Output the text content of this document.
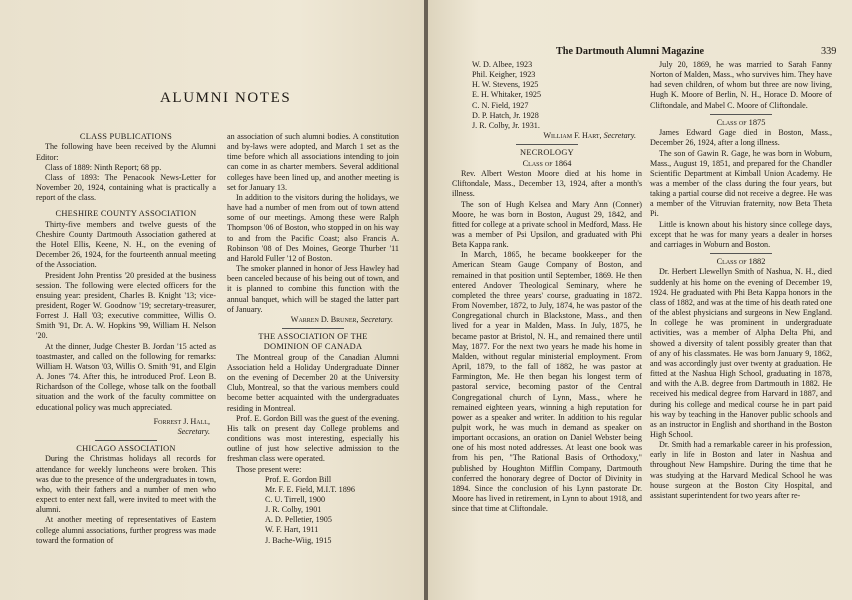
ALUMNI NOTES
CLASS PUBLICATIONS

The following have been received by the Alumni Editor:

Class of 1889: Ninth Report; 68 pp.

Class of 1893: The Penacook News-Letter for November 20, 1924, containing what is practically a report of the class.

CHESHIRE COUNTY ASSOCIATION

Thirty-five members and twelve guests of the Cheshire County Dartmouth Association gathered at the Hotel Ellis, Keene, N. H., on the evening of December 26, 1924, for the fourteenth annual meeting of the Association.

President John Prentiss '20 presided at the business session. The following were elected officers for the ensuing year: president, Charles B. Knight '13; vice-president, Roger W. Goodnow '19; secretary-treasurer, Forrest J. Hall '03; executive committee, Willis O. Smith '91, Dr. A. W. Hopkins '99, William H. Nelson '20.

At the dinner, Judge Chester B. Jordan '15 acted as toastmaster, and called on the following for remarks: William H. Watson '03, Willis O. Smith '91, and Elgin A. Jones '74. After this, he introduced Prof. Leon B. Richardson of the College, whose talk on the football situation and the work of the faculty committee on educational policy was much appreciated.

Forrest J. Hall,

Secretary.

CHICAGO ASSOCIATION

During the Christmas holidays all records for attendance for weekly luncheons were broken. This was due to the presence of the undergraduates in town, who, with their fathers and a number of men who expect to enter next fall, were invited to meet with the alumni.

At another meeting of representatives of Eastern college alumni associations, further progress was made toward the formation of

an association of such alumni bodies. A constitution and by-laws were adopted, and March 1 set as the time before which all associations intending to join can come in as charter members. Several additional colleges have been lined up, and another meeting is set for January 13.

In addition to the visitors during the holidays, we have had a number of men from out of town attend some of our meetings. Among these were Ralph Thompson '06 of Boston, who stopped in on his way to and from the Pacific Coast; also Francis A. Robinson '08 of Des Moines, George Thurber '11 and Harold Fuller '12 of Boston.

The smoker planned in honor of Jess Hawley had been canceled because of his being out of town, and it is planned to combine this function with the annual banquet, which will be staged the latter part of January.

Warren D. Bruner, Secretary.

THE ASSOCIATION OF THE
DOMINION OF CANADA

The Montreal group of the Canadian Alumni Association held a Holiday Undergraduate Dinner on the evening of December 20 at the University Club, Montreal, so that the various members could become better acquainted with the undergraduates residing in Montreal.

Prof. E. Gordon Bill was the guest of the evening. His talk on present day College problems and conditions was most interesting, especially his outline of just how selective admission to the freshman class were operated.

Those present were:

Prof. E. Gordon Bill

Mr. F. E. Field, M.I.T. 1896

C. U. Tirrell, 1900

J. R. Colby, 1901

A. D. Pelletier, 1905

W. F. Hart, 1911

J. Bache-Wiig, 1915

The Dartmouth Alumni Magazine	339

W. D. Albee, 1923

Phil. Keigher, 1923

H. W. Stevens, 1925

E. H. Whitaker, 1925

C. N. Field, 1927

D. P. Hatch, Jr. 1928

J. R. Colby, Jr. 1931.

William F. Hart, Secretary.

NECROLOGY
Class of 1864

Rev. Albert Weston Moore died at his home in Cliftondale, Mass., December 13, 1924, after a month's illness.

The son of Hugh Kelsea and Mary Ann (Conner) Moore, he was born in Boston, August 29, 1842, and fitted for college at a private school in Medford, Mass. He was a member of Psi Upsilon, and graduated with Phi Beta Kappa rank.

In March, 1865, he became bookkeeper for the American Steam Gauge Company of Boston, and remained in that position until September, 1869. He then entered Andover Theological Seminary, where he completed the three years' course, graduating in 1872. From November, 1872, to July, 1874, he was pastor of the Congregational church in Blackstone, Mass., and then lived for a year in Malden, Mass. In July, 1875, he became pastor at Bristol, N. H., and remained there until May, 1877. For the next two years he made his home in Malden, without regular ministerial employment. From April, 1879, to the fall of 1882, he was pastor at Farmington, Me. He then began his longest term of pastoral service, becoming pastor of the Central Congregational church of Lynn, Mass., where he remained eighteen years, winning a high reputation for power as a speaker and writer. In addition to his regular pulpit work, he was much in demand as speaker on important occasions, an oration on Daniel Webster being one of his most noted addresses. At least one book was from his pen, "The Rational Basis of Orthodoxy," published by Houghton Mifflin Company, Dartmouth conferred the honorary degree of Doctor of Divinity in 1894. Since the conclusion of his Lynn pastorate Dr. Moore has lived in retirement, in Lynn to about 1918, and since that time at Cliftondale.

July 20, 1869, he was married to Sarah Fanny Norton of Malden, Mass., who survives him. They have had seven children, of whom but three are now living, Hugh K. Moore of Berlin, N. H., Horace D. Moore of Cliftondale, and Mabel C. Moore of Cliftondale.

Class of 1875

James Edward Gage died in Boston, Mass., December 26, 1924, after a long illness.

The son of Gawin R. Gage, he was born in Woburn, Mass., August 19, 1851, and prepared for the Chandler Scientific Department at Kimball Union Academy. He was a member of the class during the four years, but taking a partial course did not receive a degree. He was a member of the Vitruvian fraternity, now Beta Theta Pi.

Little is known about his history since college days, except that he was for many years a dealer in horses and carriages in Woburn and Boston.

Class of 1882

Dr. Herbert Llewellyn Smith of Nashua, N. H., died suddenly at his home on the evening of December 19, 1924. He graduated with Phi Beta Kappa honors in the class of 1882, and was at the time of his death rated one of the ablest physicians and surgeons in New England. In college he was prominent in undergraduate activities, was a member of Alpha Delta Phi, and showed a diversity of talent possibly greater than that of any of his classmates. He was born January 9, 1862, and was accordingly just over twenty at graduation. He fitted at the Nashua High School, graduating in 1878, and with the A.B. degree from Dartmouth in 1882. He received his medical degree from Harvard in 1887, and during his college and medical course he in part paid his way by teaching in the Hanover public schools and as an instructor in English and shorthand in the Boston High School.

Dr. Smith had a remarkable career in his profession, early in life in Boston and later in Nashua and throughout New Hampshire. During the time that he was studying at the Harvard Medical School he was house surgeon at the Boston City Hospital, and assistant superintendent for two years after re-
